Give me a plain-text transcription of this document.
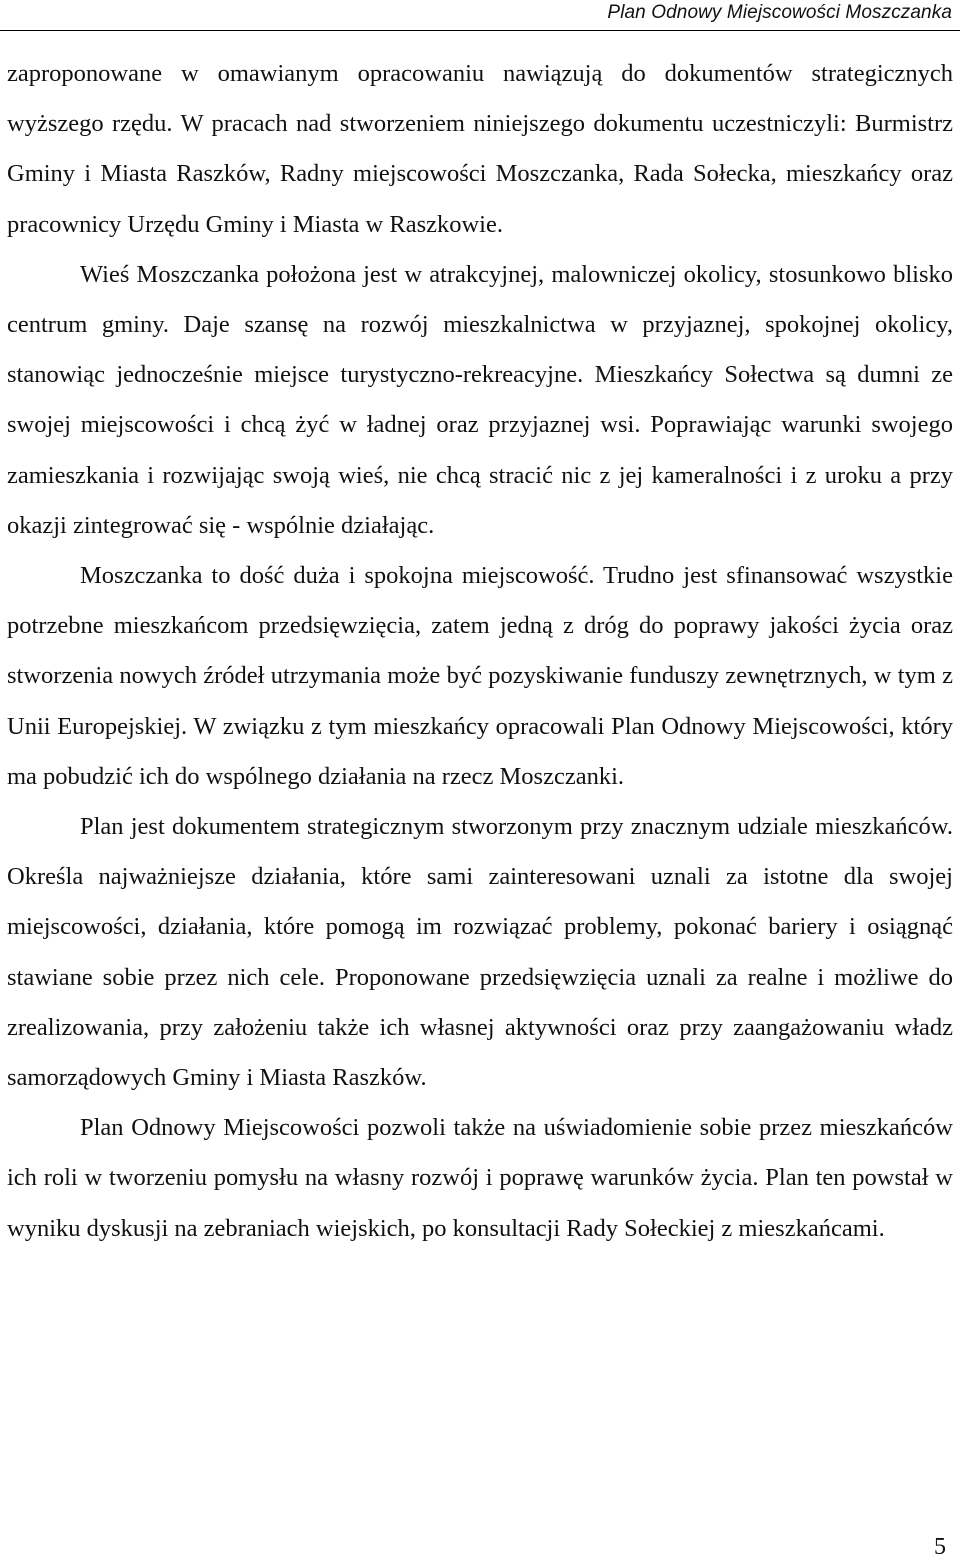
Plan Odnowy Miejscowości Moszczanka

zaproponowane w omawianym opracowaniu nawiązują do dokumentów strategicznych wyższego rzędu. W pracach nad stworzeniem niniejszego dokumentu uczestniczyli: Burmistrz Gminy i Miasta Raszków, Radny miejscowości Moszczanka, Rada Sołecka, mieszkańcy oraz pracownicy Urzędu Gminy i Miasta w Raszkowie.

Wieś Moszczanka położona jest w atrakcyjnej, malowniczej okolicy, stosunkowo blisko centrum gminy. Daje szansę na rozwój mieszkalnictwa w przyjaznej, spokojnej okolicy, stanowiąc jednocześnie miejsce turystyczno-rekreacyjne. Mieszkańcy Sołectwa są dumni ze swojej miejscowości i chcą żyć w ładnej oraz przyjaznej wsi. Poprawiając warunki swojego zamieszkania i rozwijając swoją wieś, nie chcą stracić nic z jej kameralności i z uroku a przy okazji zintegrować się - wspólnie działając.

Moszczanka to dość duża i spokojna miejscowość. Trudno jest sfinansować wszystkie potrzebne mieszkańcom przedsięwzięcia, zatem jedną z dróg do poprawy jakości życia oraz stworzenia nowych źródeł utrzymania może być pozyskiwanie funduszy zewnętrznych, w tym z Unii Europejskiej. W związku z tym mieszkańcy opracowali Plan Odnowy Miejscowości, który ma pobudzić ich do wspólnego działania na rzecz Moszczanki.

Plan jest dokumentem strategicznym stworzonym przy znacznym udziale mieszkańców. Określa najważniejsze działania, które sami zainteresowani uznali za istotne dla swojej miejscowości, działania, które pomogą im rozwiązać problemy, pokonać bariery i osiągnąć stawiane sobie przez nich cele. Proponowane przedsięwzięcia uznali za realne i możliwe do zrealizowania, przy założeniu także ich własnej aktywności oraz przy zaangażowaniu władz samorządowych Gminy i Miasta Raszków.

Plan Odnowy Miejscowości pozwoli także na uświadomienie sobie przez mieszkańców ich roli w tworzeniu pomysłu na własny rozwój i poprawę warunków życia. Plan ten powstał w wyniku dyskusji na zebraniach wiejskich, po konsultacji Rady Sołeckiej z mieszkańcami.

5
